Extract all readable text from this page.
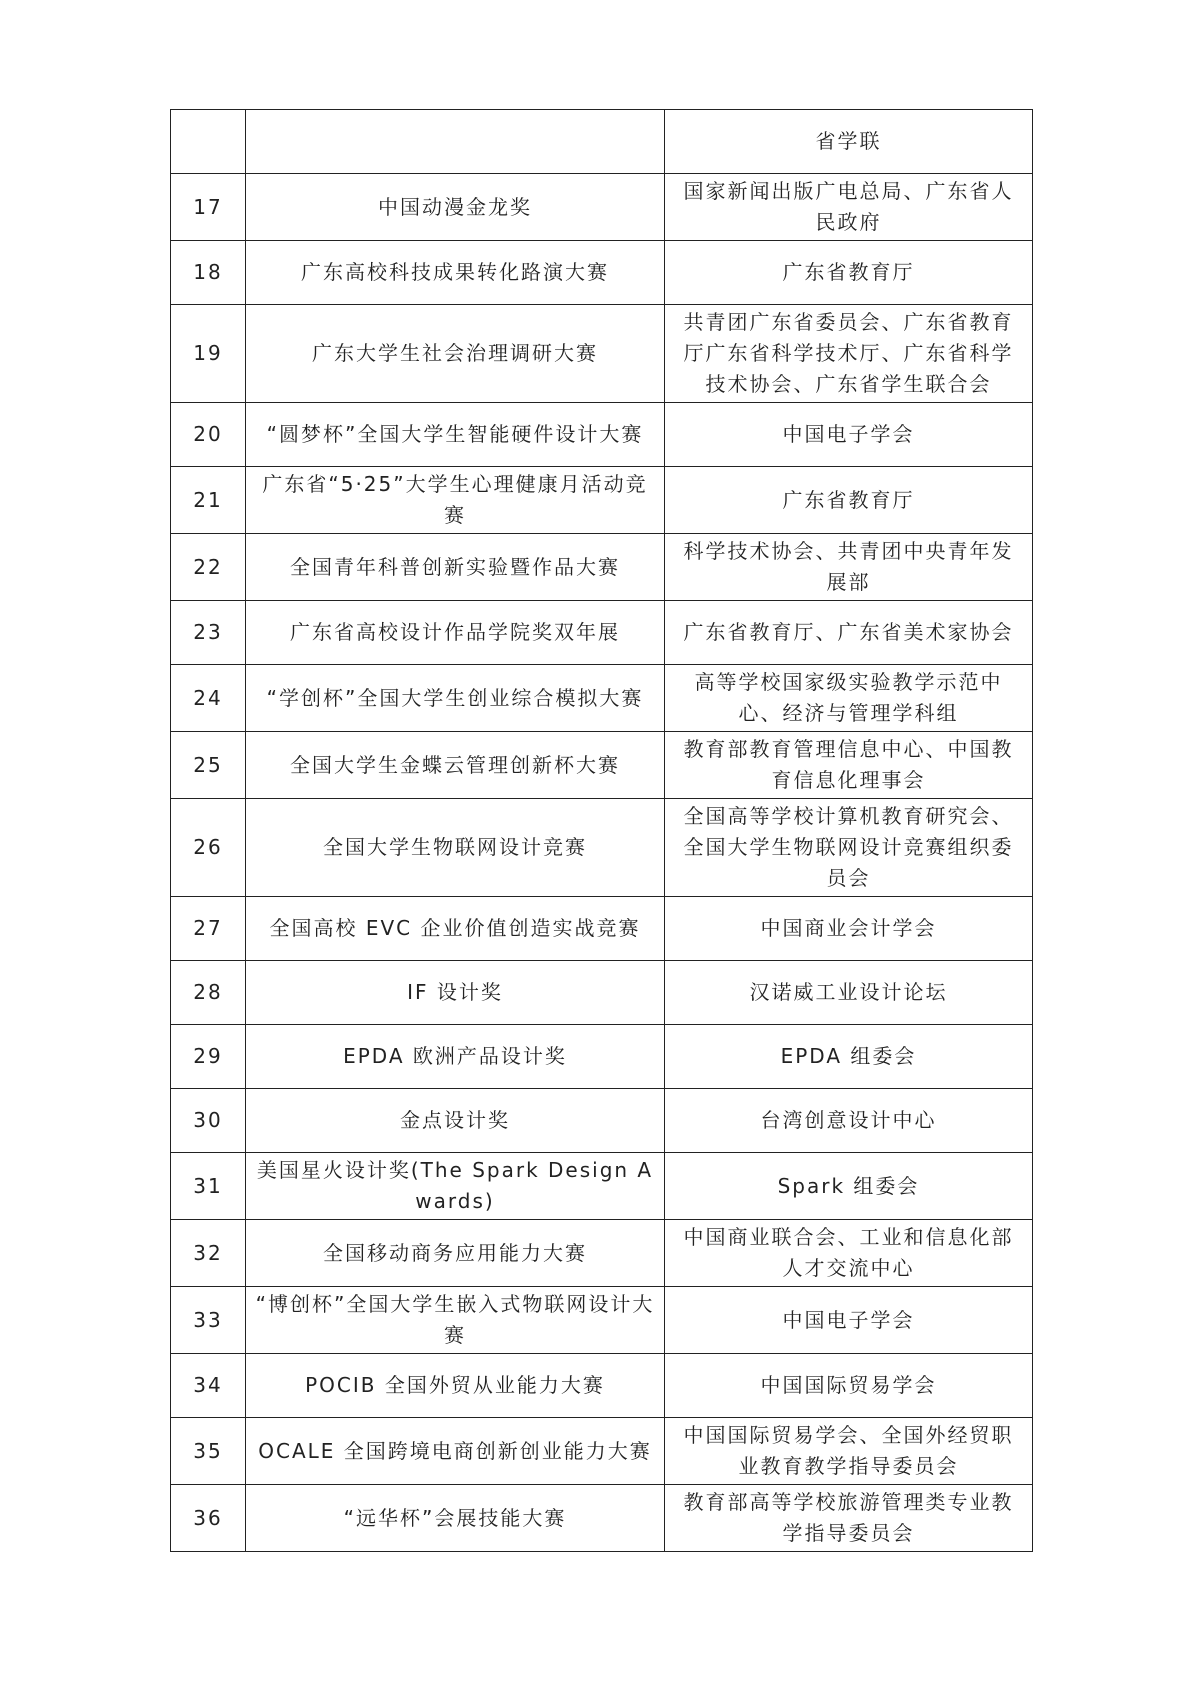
		省学联
17	中国动漫金龙奖	国家新闻出版广电总局、广东省人民政府
18	广东高校科技成果转化路演大赛	广东省教育厅
19	广东大学生社会治理调研大赛	共青团广东省委员会、广东省教育厅广东省科学技术厅、广东省科学技术协会、广东省学生联合会
20	“圆梦杯”全国大学生智能硬件设计大赛	中国电子学会
21	广东省“5·25”大学生心理健康月活动竞赛	广东省教育厅
22	全国青年科普创新实验暨作品大赛	科学技术协会、共青团中央青年发展部
23	广东省高校设计作品学院奖双年展	广东省教育厅、广东省美术家协会
24	“学创杯”全国大学生创业综合模拟大赛	高等学校国家级实验教学示范中心、经济与管理学科组
25	全国大学生金蝶云管理创新杯大赛	教育部教育管理信息中心、中国教育信息化理事会
26	全国大学生物联网设计竞赛	全国高等学校计算机教育研究会、全国大学生物联网设计竞赛组织委员会
27	全国高校 EVC 企业价值创造实战竞赛	中国商业会计学会
28	IF 设计奖	汉诺威工业设计论坛
29	EPDA 欧洲产品设计奖	EPDA 组委会
30	金点设计奖	台湾创意设计中心
31	美国星火设计奖(The Spark Design Awards)	Spark 组委会
32	全国移动商务应用能力大赛	中国商业联合会、工业和信息化部人才交流中心
33	“博创杯”全国大学生嵌入式物联网设计大赛	中国电子学会
34	POCIB 全国外贸从业能力大赛	中国国际贸易学会
35	OCALE 全国跨境电商创新创业能力大赛	中国国际贸易学会、全国外经贸职业教育教学指导委员会
36	“远华杯”会展技能大赛	教育部高等学校旅游管理类专业教学指导委员会
